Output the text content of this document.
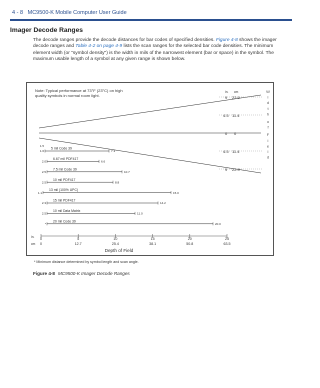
4 - 8 MC9500-K Mobile Computer User Guide
Imager Decode Ranges

The decode ranges provide the decode distances for bar codes of specified densities. Figure 4-8 shows the imager decode ranges and Table 4-2 on page 4-9 lists the scan ranges for the selected bar code densities. The minimum element width (or "symbol density") is the width in mils of the narrowest element (bar or space) in the symbol. The maximum usable length of a symbol at any given range is shown below.

Note: Typical performance at 73°F (23°C) on high
quality symbols in normal room light.
in. cm
9 22.9
4.5 11.4
0 0
4.5 11.4
9 22.9
W
i
d
t
h
o
f
F
i
e
l
d
5 mil Code 39
1.6	7.3
1.5
6.67 mil PDF417
2.0	6.6
7.5 mil Code 39
2.5	10.7
10 mil PDF417
2.5	8.8
13 mil (100% UPC)
1.1	15.0
15 mil PDF417
2.3	14.2
10 mil Data Matrix
2.5	11.0
20 mil Code 39
*	20.0
in.
cm
0
0
5
12.7
10
25.4
15
38.1
20
50.8
25
63.5
Depth of Field
* Minimum distance determined by symbol length and scan angle.
Figure 4-8 MC9500-K Imager Decode Ranges
